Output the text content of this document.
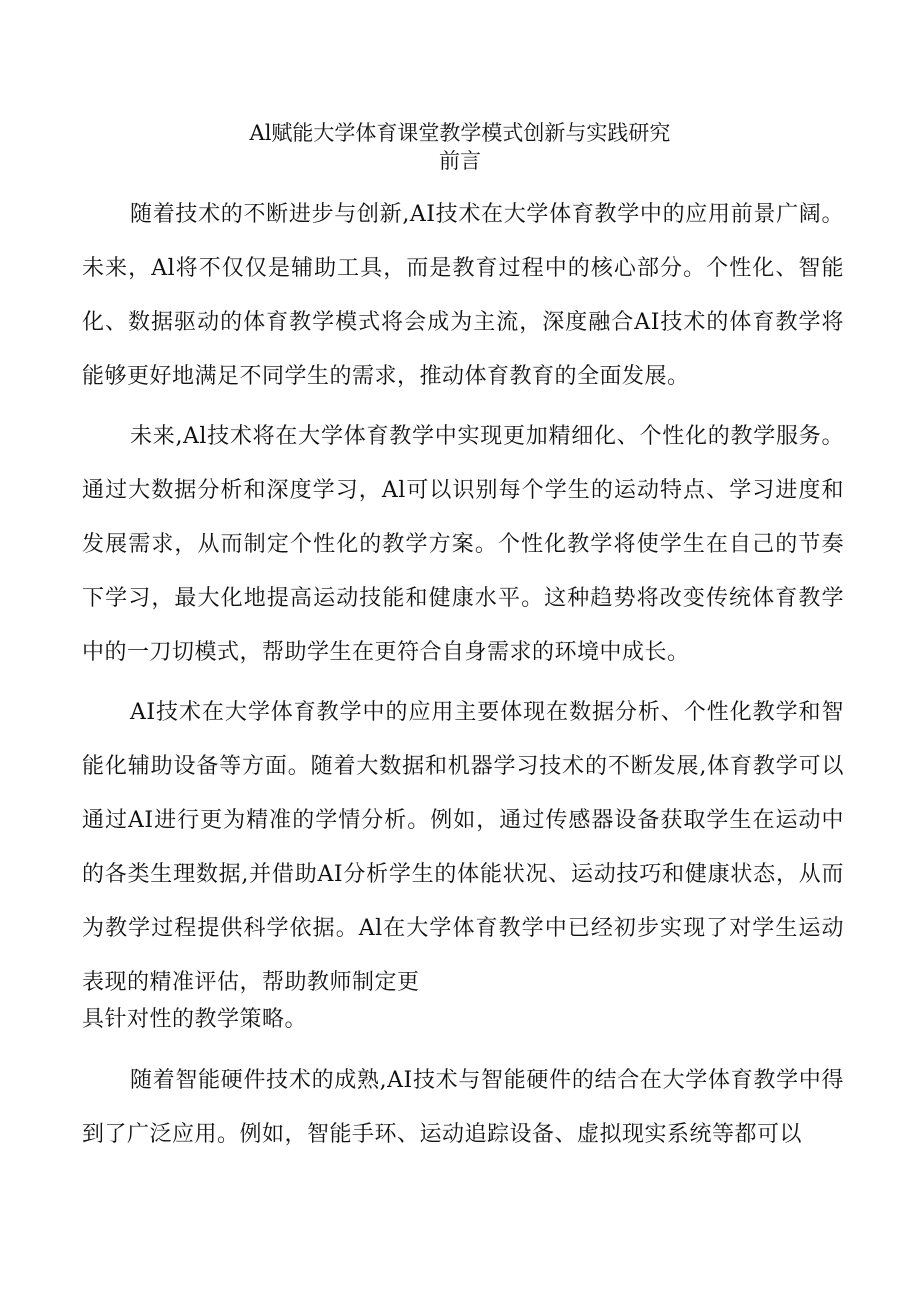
Al赋能大学体育课堂教学模式创新与实践研究
前言

随着技术的不断进步与创新,AI技术在大学体育教学中的应用前景广阔。未来，Al将不仅仅是辅助工具，而是教育过程中的核心部分。个性化、智能化、数据驱动的体育教学模式将会成为主流，深度融合AI技术的体育教学将能够更好地满足不同学生的需求，推动体育教育的全面发展。

未来,Al技术将在大学体育教学中实现更加精细化、个性化的教学服务。通过大数据分析和深度学习，Al可以识别每个学生的运动特点、学习进度和发展需求，从而制定个性化的教学方案。个性化教学将使学生在自己的节奏下学习，最大化地提高运动技能和健康水平。这种趋势将改变传统体育教学中的一刀切模式，帮助学生在更符合自身需求的环境中成长。

AI技术在大学体育教学中的应用主要体现在数据分析、个性化教学和智能化辅助设备等方面。随着大数据和机器学习技术的不断发展,体育教学可以通过AI进行更为精准的学情分析。例如，通过传感器设备获取学生在运动中的各类生理数据,并借助AI分析学生的体能状况、运动技巧和健康状态，从而为教学过程提供科学依据。Al在大学体育教学中已经初步实现了对学生运动表现的精准评估，帮助教师制定更

具针对性的教学策略。

随着智能硬件技术的成熟,AI技术与智能硬件的结合在大学体育教学中得到了广泛应用。例如，智能手环、运动追踪设备、虚拟现实系统等都可以
